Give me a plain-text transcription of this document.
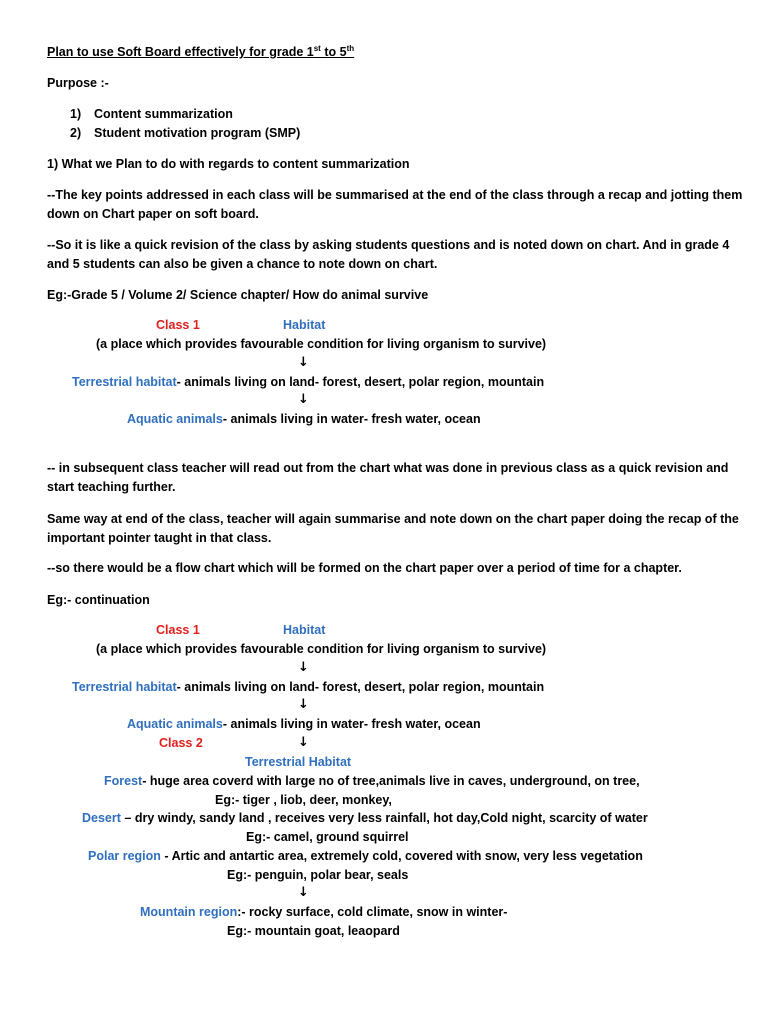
Plan to use Soft Board effectively for grade 1st to 5th
Purpose :-
1) Content summarization
2) Student motivation program (SMP)
1) What we Plan to do with regards to content summarization
--The key points addressed in each class will be summarised at the end of the class through a recap and jotting them
down on Chart paper on soft board.
--So it is like a quick revision of the class by asking students questions and is noted down on chart. And in grade 4
and 5 students can also be given a chance to note down on chart.
Eg:-Grade 5 / Volume 2/ Science chapter/ How do animal survive
Class 1	Habitat
(a place which provides favourable condition for living organism to survive)
↓
Terrestrial habitat- animals living on land- forest, desert, polar region, mountain
↓
Aquatic animals- animals living in water- fresh water, ocean
-- in subsequent class teacher will read out from the chart what was done in previous class as a quick revision and
start teaching further.
Same way at end of the class, teacher will again summarise and note down on the chart paper doing the recap of the
important pointer taught in that class.
--so there would be a flow chart which will be formed on the chart paper over a period of time for a chapter.
Eg:- continuation
Class 1	Habitat
(a place which provides favourable condition for living organism to survive)
↓
Terrestrial habitat- animals living on land- forest, desert, polar region, mountain
↓
Aquatic animals- animals living in water- fresh water, ocean
Class 2	↓
Terrestrial Habitat
Forest- huge area coverd with large no of tree,animals live in caves, underground, on tree,
Eg:- tiger , liob, deer, monkey,
Desert – dry windy, sandy land , receives very less rainfall, hot day,Cold night, scarcity of water
Eg:- camel, ground squirrel
Polar region - Artic and antartic area, extremely cold, covered with snow, very less vegetation
Eg:- penguin, polar bear, seals
↓
Mountain region:- rocky surface, cold climate, snow in winter-
Eg:- mountain goat, leaopard
